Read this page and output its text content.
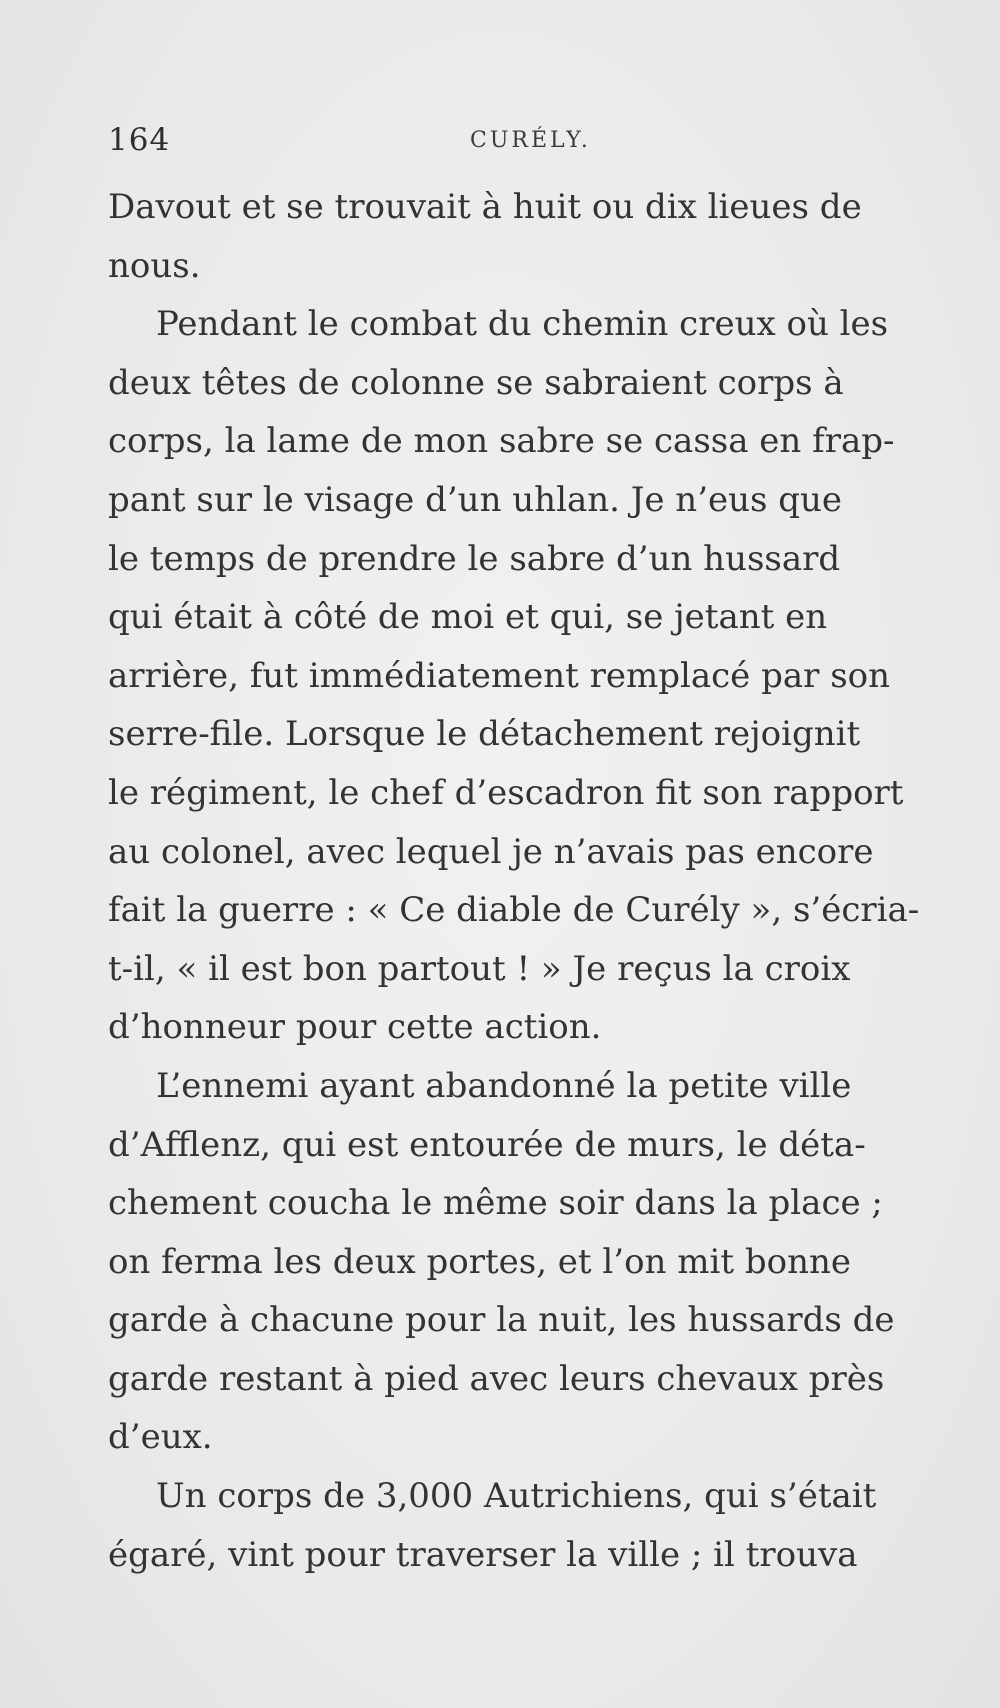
164	CURÉLY.
Davout et se trouvait à huit ou dix lieues de
nous.
Pendant le combat du chemin creux où les
deux têtes de colonne se sabraient corps à
corps, la lame de mon sabre se cassa en frap-
pant sur le visage d’un uhlan. Je n’eus que
le temps de prendre le sabre d’un hussard
qui était à côté de moi et qui, se jetant en
arrière, fut immédiatement remplacé par son
serre-file. Lorsque le détachement rejoignit
le régiment, le chef d’escadron fit son rapport
au colonel, avec lequel je n’avais pas encore
fait la guerre : « Ce diable de Curély », s’écria-
t-il, « il est bon partout ! » Je reçus la croix
d’honneur pour cette action.
L’ennemi ayant abandonné la petite ville
d’Afflenz, qui est entourée de murs, le déta-
chement coucha le même soir dans la place ;
on ferma les deux portes, et l’on mit bonne
garde à chacune pour la nuit, les hussards de
garde restant à pied avec leurs chevaux près
d’eux.
Un corps de 3,000 Autrichiens, qui s’était
égaré, vint pour traverser la ville ; il trouva
